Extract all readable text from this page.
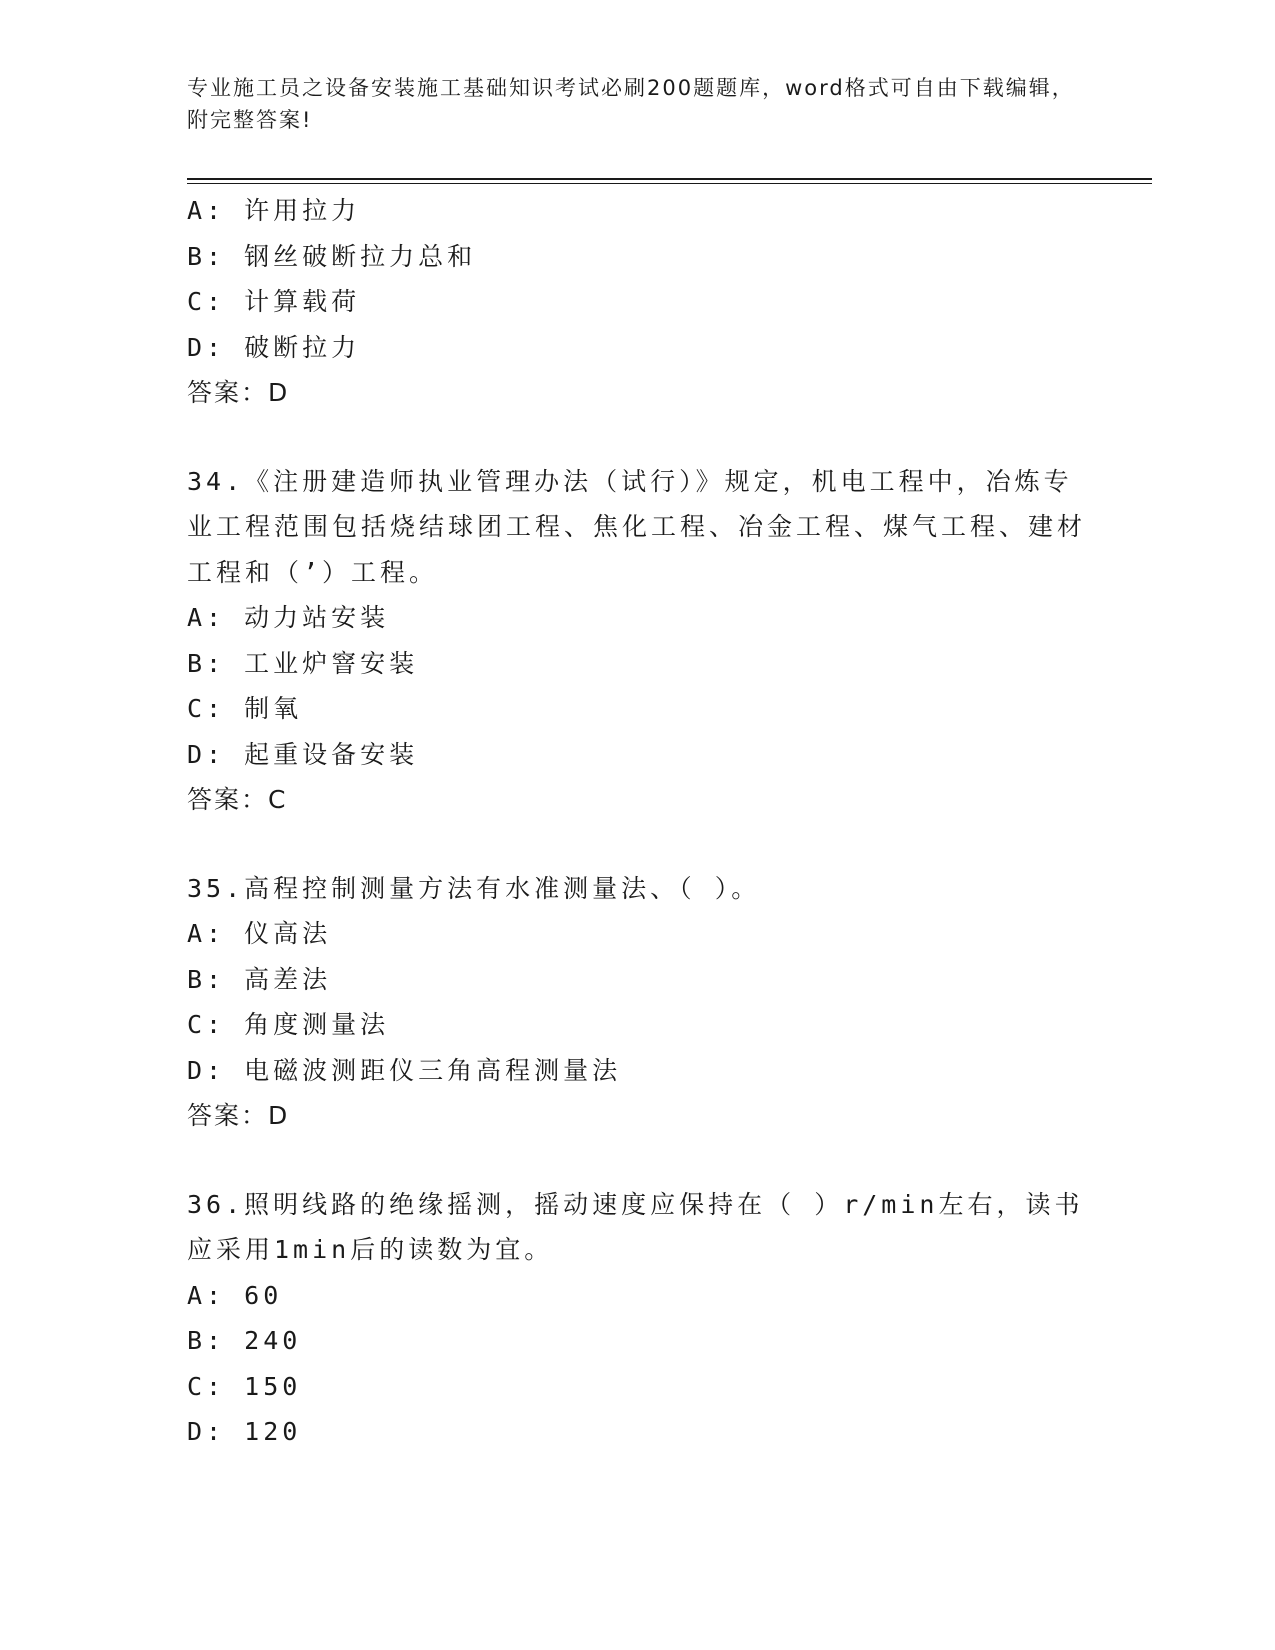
专业施工员之设备安装施工基础知识考试必刷200题题库，word格式可自由下载编辑，附完整答案!
A: 许用拉力
B: 钢丝破断拉力总和
C: 计算载荷
D: 破断拉力
答案：D
34.《注册建造师执业管理办法（试行）》规定，机电工程中，冶炼专业工程范围包括烧结球团工程、焦化工程、冶金工程、煤气工程、建材工程和（’）工程。
A: 动力站安装
B: 工业炉窨安装
C: 制氧
D: 起重设备安装
答案：C
35.高程控制测量方法有水准测量法、（ ）。
A: 仪高法
B: 高差法
C: 角度测量法
D: 电磁波测距仪三角高程测量法
答案：D
36.照明线路的绝缘摇测，摇动速度应保持在（ ）r/min左右，读书应采用1min后的读数为宜。
A: 60
B: 240
C: 150
D: 120
